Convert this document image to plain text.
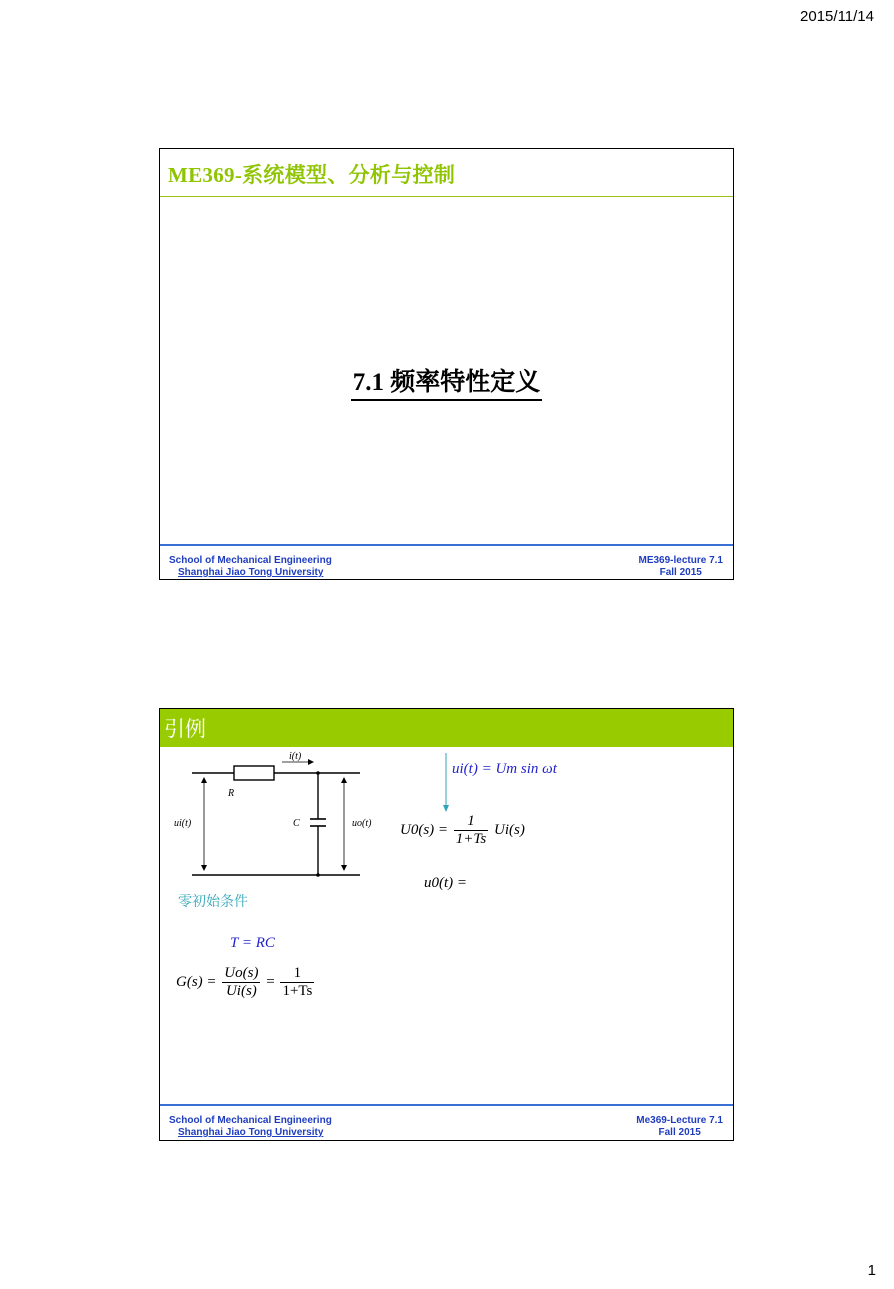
2015/11/14
ME369-系统模型、分析与控制
7.1 频率特性定义
School of Mechanical Engineering
Shanghai Jiao Tong University
ME369-lecture 7.1
Fall 2015
引例
i(t)
R
C
ui(t)	uo(t)
零初始条件
T = RC
$G(s) = \frac{Uo(s)}{Ui(s)} = \frac{1}{1+Ts}$
ui(t) = Um sin ωt
$U0(s) = \frac{1}{1+Ts} Ui(s)$
u0(t) =
School of Mechanical Engineering
Shanghai Jiao Tong University
Me369-Lecture 7.1
Fall 2015
1
